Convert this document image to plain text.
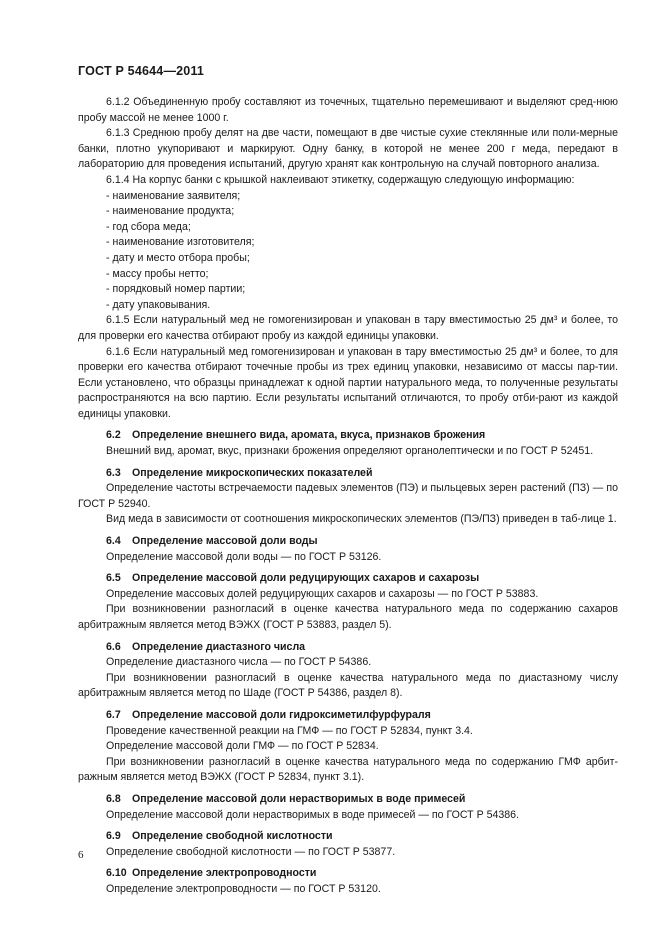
ГОСТ Р 54644—2011

6.1.2 Объединенную пробу составляют из точечных, тщательно перемешивают и выделяют сред-нюю пробу массой не менее 1000 г.

6.1.3 Среднюю пробу делят на две части, помещают в две чистые сухие стеклянные или поли-мерные банки, плотно укупоривают и маркируют. Одну банку, в которой не менее 200 г меда, передают в лабораторию для проведения испытаний, другую хранят как контрольную на случай повторного анализа.

6.1.4 На корпус банки с крышкой наклеивают этикетку, содержащую следующую информацию:

- наименование заявителя;

- наименование продукта;

- год сбора меда;

- наименование изготовителя;

- дату и место отбора пробы;

- массу пробы нетто;

- порядковый номер партии;

- дату упаковывания.

6.1.5 Если натуральный мед не гомогенизирован и упакован в тару вместимостью 25 дм³ и более, то для проверки его качества отбирают пробу из каждой единицы упаковки.

6.1.6 Если натуральный мед гомогенизирован и упакован в тару вместимостью 25 дм³ и более, то для проверки его качества отбирают точечные пробы из трех единиц упаковки, независимо от массы пар-тии. Если установлено, что образцы принадлежат к одной партии натурального меда, то полученные результаты распространяются на всю партию. Если результаты испытаний отличаются, то пробу отби-рают из каждой единицы упаковки.

6.2 Определение внешнего вида, аромата, вкуса, признаков брожения

Внешний вид, аромат, вкус, признаки брожения определяют органолептически и по ГОСТ Р 52451.

6.3 Определение микроскопических показателей

Определение частоты встречаемости падевых элементов (ПЭ) и пыльцевых зерен растений (ПЗ) — по ГОСТ Р 52940.

Вид меда в зависимости от соотношения микроскопических элементов (ПЭ/ПЗ) приведен в таб-лице 1.

6.4 Определение массовой доли воды

Определение массовой доли воды — по ГОСТ Р 53126.

6.5 Определение массовой доли редуцирующих сахаров и сахарозы

Определение массовых долей редуцирующих сахаров и сахарозы — по ГОСТ Р 53883.

При возникновении разногласий в оценке качества натурального меда по содержанию сахаров арбитражным является метод ВЭЖХ (ГОСТ Р 53883, раздел 5).

6.6 Определение диастазного числа

Определение диастазного числа — по ГОСТ Р 54386.

При возникновении разногласий в оценке качества натурального меда по диастазному числу арбитражным является метод по Шаде (ГОСТ Р 54386, раздел 8).

6.7 Определение массовой доли гидроксиметилфурфураля

Проведение качественной реакции на ГМФ — по ГОСТ Р 52834, пункт 3.4.

Определение массовой доли ГМФ — по ГОСТ Р 52834.

При возникновении разногласий в оценке качества натурального меда по содержанию ГМФ арбит-ражным является метод ВЭЖХ (ГОСТ Р 52834, пункт 3.1).

6.8 Определение массовой доли нерастворимых в воде примесей

Определение массовой доли нерастворимых в воде примесей — по ГОСТ Р 54386.

6.9 Определение свободной кислотности

Определение свободной кислотности — по ГОСТ Р 53877.

6.10 Определение электропроводности

Определение электропроводности — по ГОСТ Р 53120.

6
